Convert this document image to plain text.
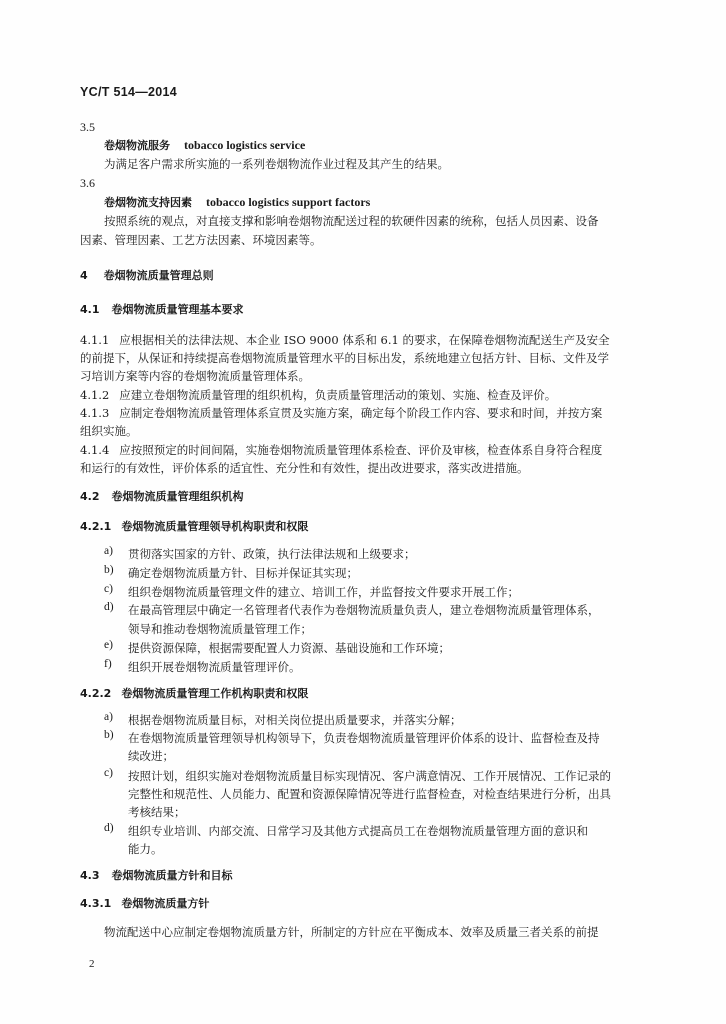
YC/T 514—2014
3.5
卷烟物流服务 tobacco logistics service
为满足客户需求所实施的一系列卷烟物流作业过程及其产生的结果。
3.6
卷烟物流支持因素 tobacco logistics support factors
按照系统的观点，对直接支撑和影响卷烟物流配送过程的软硬件因素的统称，包括人员因素、设备
因素、管理因素、工艺方法因素、环境因素等。
4 卷烟物流质量管理总则
4.1 卷烟物流质量管理基本要求
4.1.1 应根据相关的法律法规、本企业 ISO 9000 体系和 6.1 的要求，在保障卷烟物流配送生产及安全
的前提下，从保证和持续提高卷烟物流质量管理水平的目标出发，系统地建立包括方针、目标、文件及学
习培训方案等内容的卷烟物流质量管理体系。
4.1.2 应建立卷烟物流质量管理的组织机构，负责质量管理活动的策划、实施、检查及评价。
4.1.3 应制定卷烟物流质量管理体系宣贯及实施方案，确定每个阶段工作内容、要求和时间，并按方案
组织实施。
4.1.4 应按照预定的时间间隔，实施卷烟物流质量管理体系检查、评价及审核，检查体系自身符合程度
和运行的有效性，评价体系的适宜性、充分性和有效性，提出改进要求，落实改进措施。
4.2 卷烟物流质量管理组织机构
4.2.1 卷烟物流质量管理领导机构职责和权限
a) 贯彻落实国家的方针、政策，执行法律法规和上级要求；
b) 确定卷烟物流质量方针、目标并保证其实现；
c) 组织卷烟物流质量管理文件的建立、培训工作，并监督按文件要求开展工作；
d) 在最高管理层中确定一名管理者代表作为卷烟物流质量负责人，建立卷烟物流质量管理体系，
领导和推动卷烟物流质量管理工作；
e) 提供资源保障，根据需要配置人力资源、基础设施和工作环境；
f) 组织开展卷烟物流质量管理评价。
4.2.2 卷烟物流质量管理工作机构职责和权限
a) 根据卷烟物流质量目标，对相关岗位提出质量要求，并落实分解；
b) 在卷烟物流质量管理领导机构领导下，负责卷烟物流质量管理评价体系的设计、监督检查及持
续改进；
c) 按照计划，组织实施对卷烟物流质量目标实现情况、客户满意情况、工作开展情况、工作记录的
完整性和规范性、人员能力、配置和资源保障情况等进行监督检查，对检查结果进行分析，出具
考核结果；
d) 组织专业培训、内部交流、日常学习及其他方式提高员工在卷烟物流质量管理方面的意识和
能力。
4.3 卷烟物流质量方针和目标
4.3.1 卷烟物流质量方针
物流配送中心应制定卷烟物流质量方针，所制定的方针应在平衡成本、效率及质量三者关系的前提
2
